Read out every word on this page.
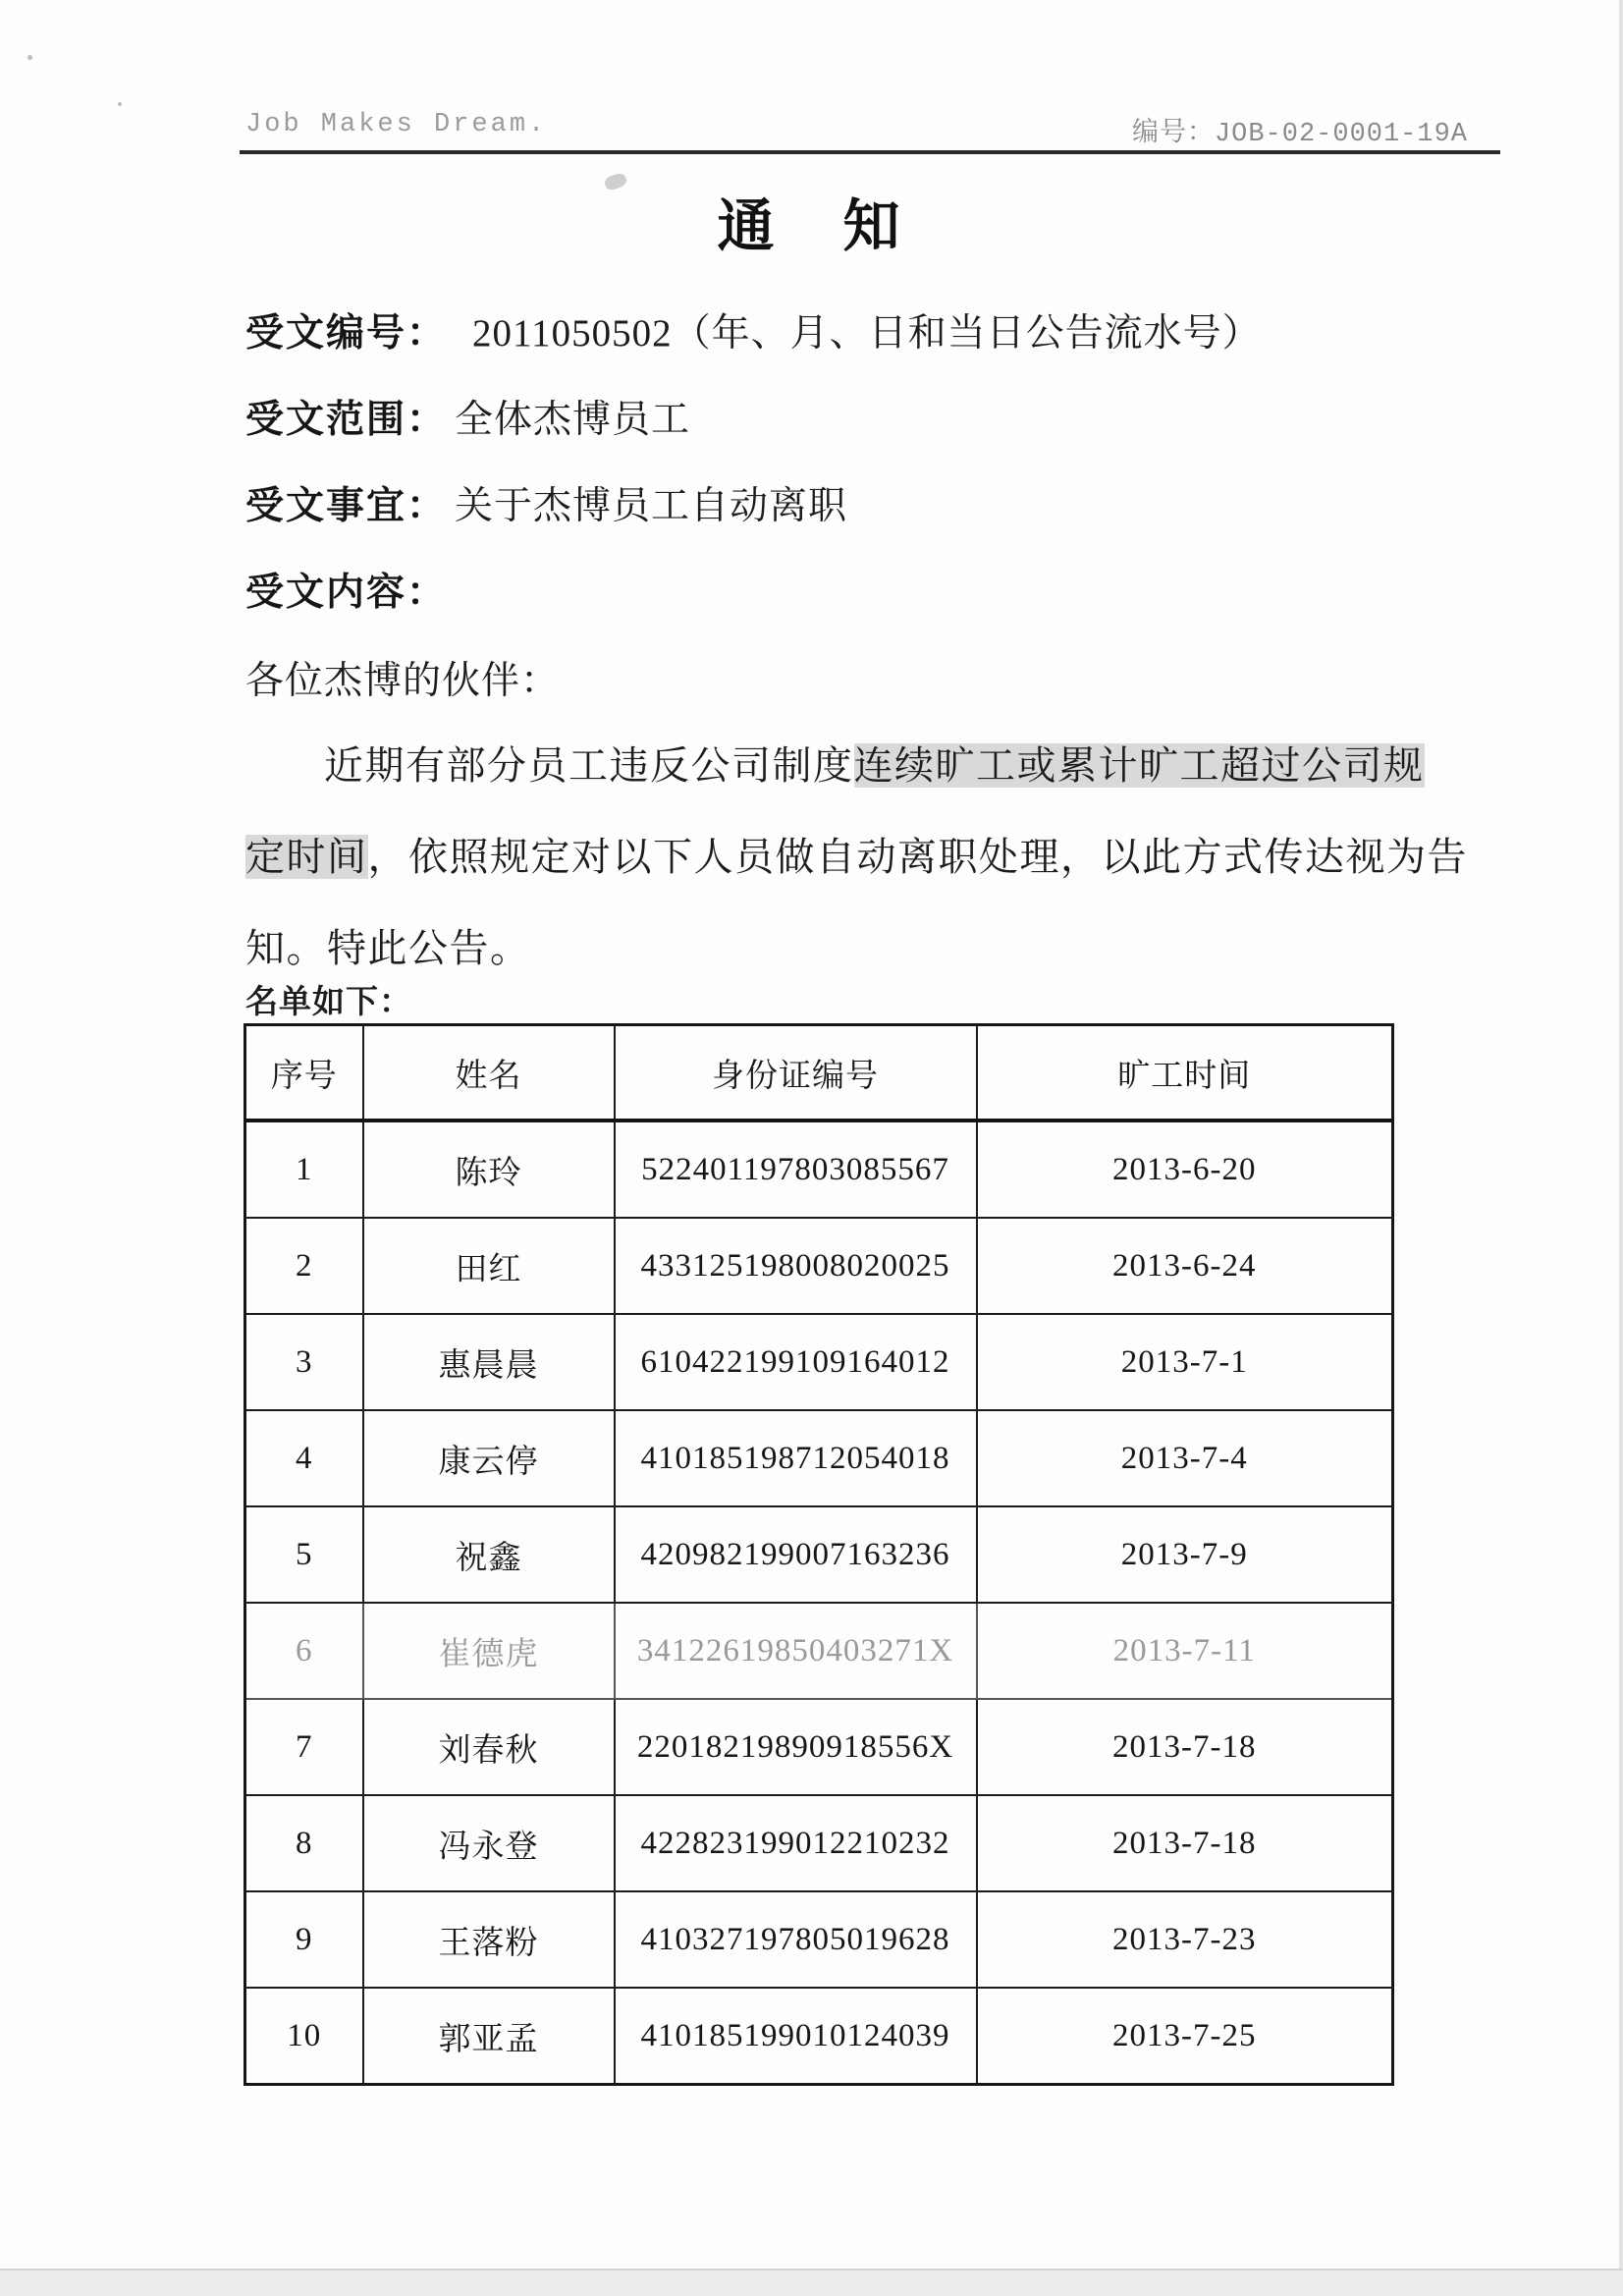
Job Makes Dream.	编号：JOB-02-0001-19A
通　知
受文编号： 2011050502（年、月、日和当日公告流水号）
受文范围： 全体杰博员工
受文事宜： 关于杰博员工自动离职
受文内容：
各位杰博的伙伴：
近期有部分员工违反公司制度连续旷工或累计旷工超过公司规
定时间，依照规定对以下人员做自动离职处理，以此方式传达视为告
知。特此公告。
名单如下：
序号	姓名	身份证编号	旷工时间
1	陈玲	522401197803085567	2013-6-20
2	田红	433125198008020025	2013-6-24
3	惠晨晨	610422199109164012	2013-7-1
4	康云停	410185198712054018	2013-7-4
5	祝鑫	420982199007163236	2013-7-9
6	崔德虎	34122619850403271X	2013-7-11
7	刘春秋	22018219890918556X	2013-7-18
8	冯永登	422823199012210232	2013-7-18
9	王落粉	410327197805019628	2013-7-23
10	郭亚孟	410185199010124039	2013-7-25
